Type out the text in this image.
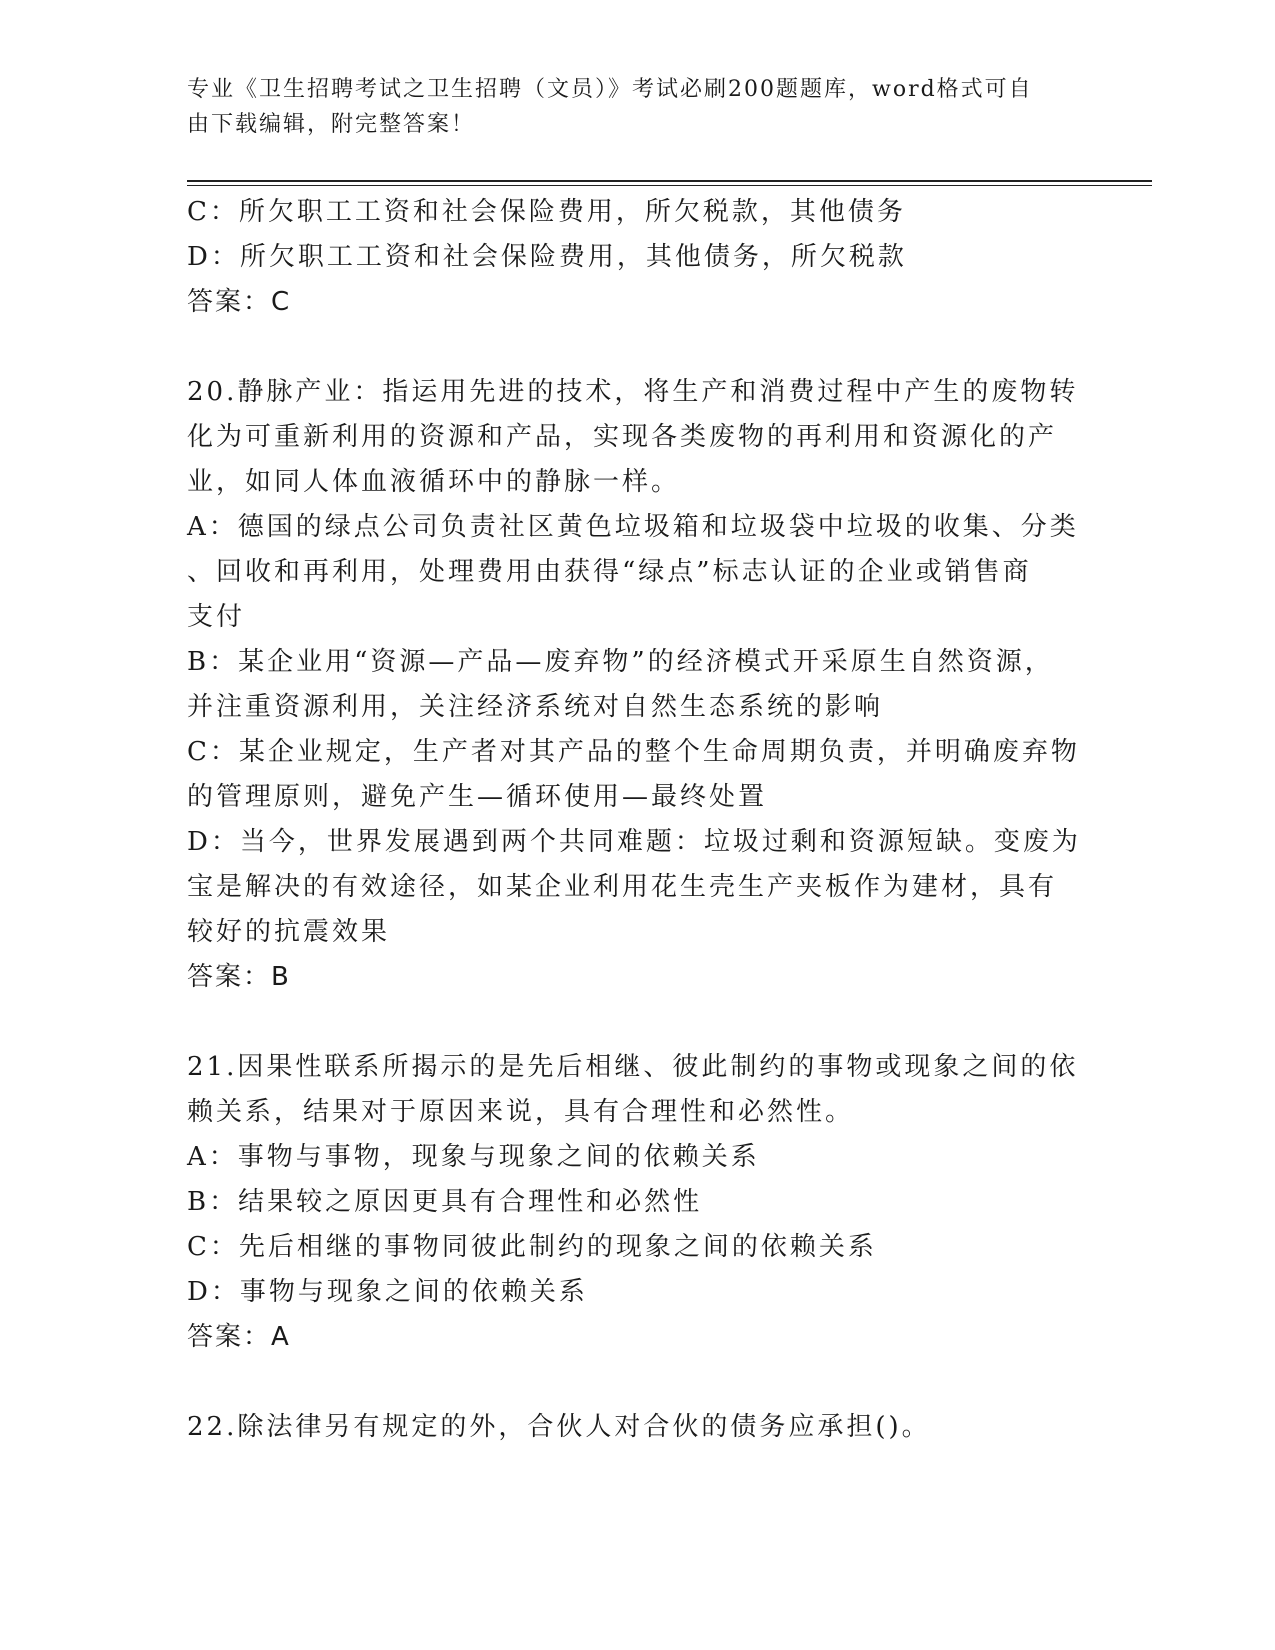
专业《卫生招聘考试之卫生招聘（文员）》考试必刷200题题库，word格式可自
由下载编辑，附完整答案！
C：所欠职工工资和社会保险费用，所欠税款，其他债务
D：所欠职工工资和社会保险费用，其他债务，所欠税款
答案：C
20.静脉产业：指运用先进的技术，将生产和消费过程中产生的废物转
化为可重新利用的资源和产品，实现各类废物的再利用和资源化的产
业，如同人体血液循环中的静脉一样。
A：德国的绿点公司负责社区黄色垃圾箱和垃圾袋中垃圾的收集、分类
、回收和再利用，处理费用由获得“绿点”标志认证的企业或销售商
支付
B：某企业用“资源—产品—废弃物”的经济模式开采原生自然资源，
并注重资源利用，关注经济系统对自然生态系统的影响
C：某企业规定，生产者对其产品的整个生命周期负责，并明确废弃物
的管理原则，避免产生—循环使用—最终处置
D：当今，世界发展遇到两个共同难题：垃圾过剩和资源短缺。变废为
宝是解决的有效途径，如某企业利用花生壳生产夹板作为建材，具有
较好的抗震效果
答案：B
21.因果性联系所揭示的是先后相继、彼此制约的事物或现象之间的依
赖关系，结果对于原因来说，具有合理性和必然性。
A：事物与事物，现象与现象之间的依赖关系
B：结果较之原因更具有合理性和必然性
C：先后相继的事物同彼此制约的现象之间的依赖关系
D：事物与现象之间的依赖关系
答案：A
22.除法律另有规定的外，合伙人对合伙的债务应承担()。
